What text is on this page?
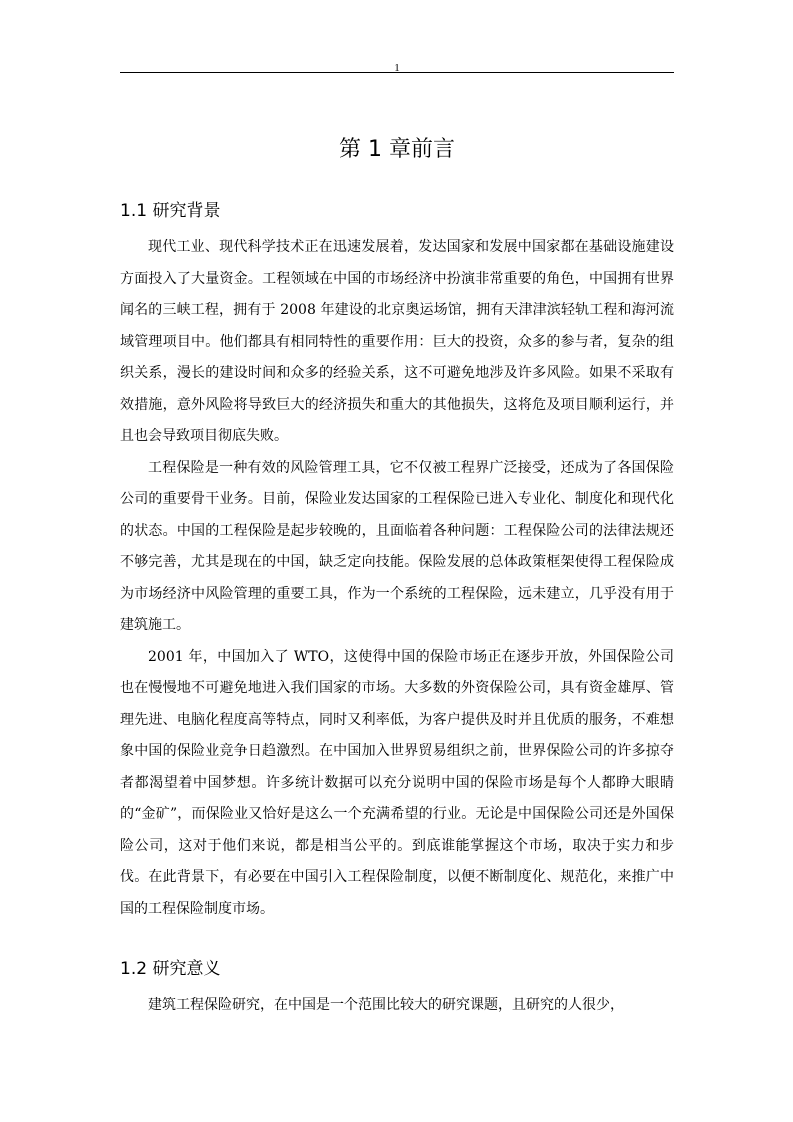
1
第 1 章前言
1.1 研究背景

现代工业、现代科学技术正在迅速发展着，发达国家和发展中国家都在基础设施建设方面投入了大量资金。工程领域在中国的市场经济中扮演非常重要的角色，中国拥有世界闻名的三峡工程，拥有于 2008 年建设的北京奥运场馆，拥有天津津滨轻轨工程和海河流域管理项目中。他们都具有相同特性的重要作用：巨大的投资，众多的参与者，复杂的组织关系，漫长的建设时间和众多的经验关系，这不可避免地涉及许多风险。如果不采取有效措施，意外风险将导致巨大的经济损失和重大的其他损失，这将危及项目顺利运行，并且也会导致项目彻底失败。

工程保险是一种有效的风险管理工具，它不仅被工程界广泛接受，还成为了各国保险公司的重要骨干业务。目前，保险业发达国家的工程保险已进入专业化、制度化和现代化的状态。中国的工程保险是起步较晚的，且面临着各种问题：工程保险公司的法律法规还不够完善，尤其是现在的中国，缺乏定向技能。保险发展的总体政策框架使得工程保险成为市场经济中风险管理的重要工具，作为一个系统的工程保险，远未建立，几乎没有用于建筑施工。

2001 年，中国加入了 WTO，这使得中国的保险市场正在逐步开放，外国保险公司也在慢慢地不可避免地进入我们国家的市场。大多数的外资保险公司，具有资金雄厚、管理先进、电脑化程度高等特点，同时又利率低，为客户提供及时并且优质的服务，不难想象中国的保险业竞争日趋激烈。在中国加入世界贸易组织之前，世界保险公司的许多掠夺者都渴望着中国梦想。许多统计数据可以充分说明中国的保险市场是每个人都睁大眼睛的“金矿”，而保险业又恰好是这么一个充满希望的行业。无论是中国保险公司还是外国保险公司，这对于他们来说，都是相当公平的。到底谁能掌握这个市场，取决于实力和步伐。在此背景下，有必要在中国引入工程保险制度，以便不断制度化、规范化，来推广中国的工程保险制度市场。

1.2 研究意义

建筑工程保险研究，在中国是一个范围比较大的研究课题，且研究的人很少，
